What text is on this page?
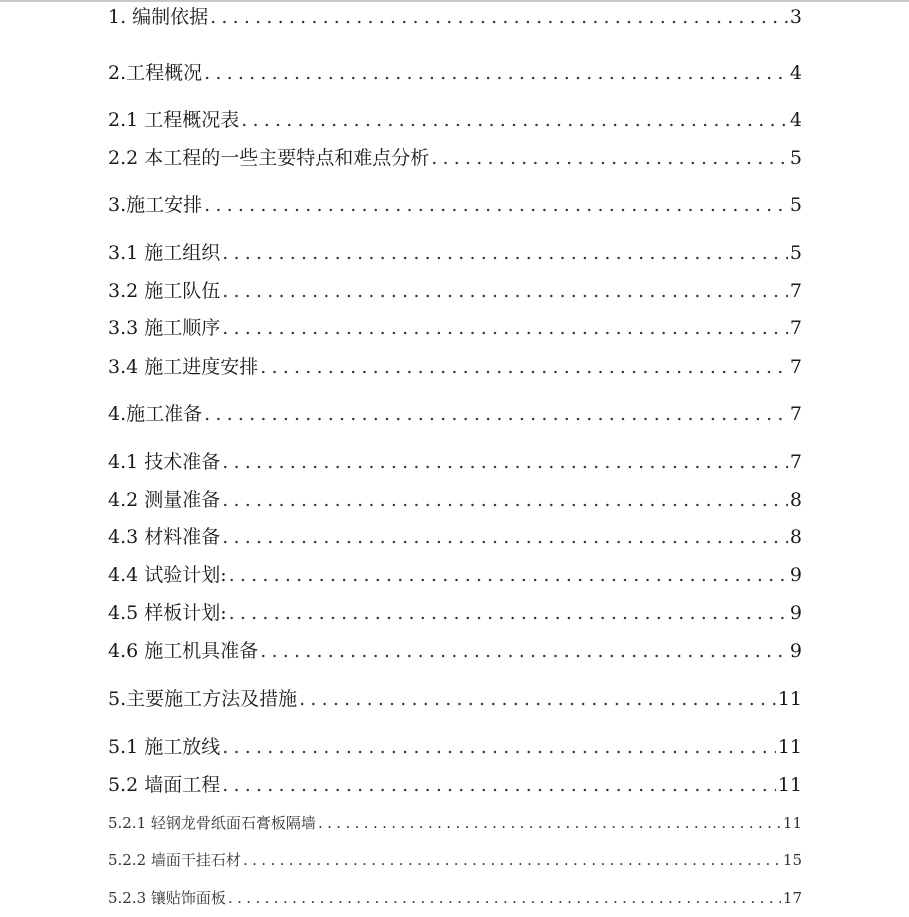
1. 编制依据 .....	3
2.工程概况 .....	4
2.1 工程概况表 .....	4
2.2 本工程的一些主要特点和难点分析 .....	5
3.施工安排 .....	5
3.1 施工组织 .....	5
3.2 施工队伍 .....	7
3.3 施工顺序 .....	7
3.4 施工进度安排 .....	7
4.施工准备 .....	7
4.1 技术准备 .....	7
4.2 测量准备 .....	8
4.3 材料准备 .....	8
4.4 试验计划: .....	9
4.5 样板计划: .....	9
4.6 施工机具准备 .....	9
5.主要施工方法及措施 .....	11
5.1 施工放线 .....	11
5.2 墙面工程 .....	11
5.2.1 轻钢龙骨纸面石膏板隔墙 .....	11
5.2.2 墙面干挂石材 .....	15
5.2.3 镶贴饰面板 .....	17
